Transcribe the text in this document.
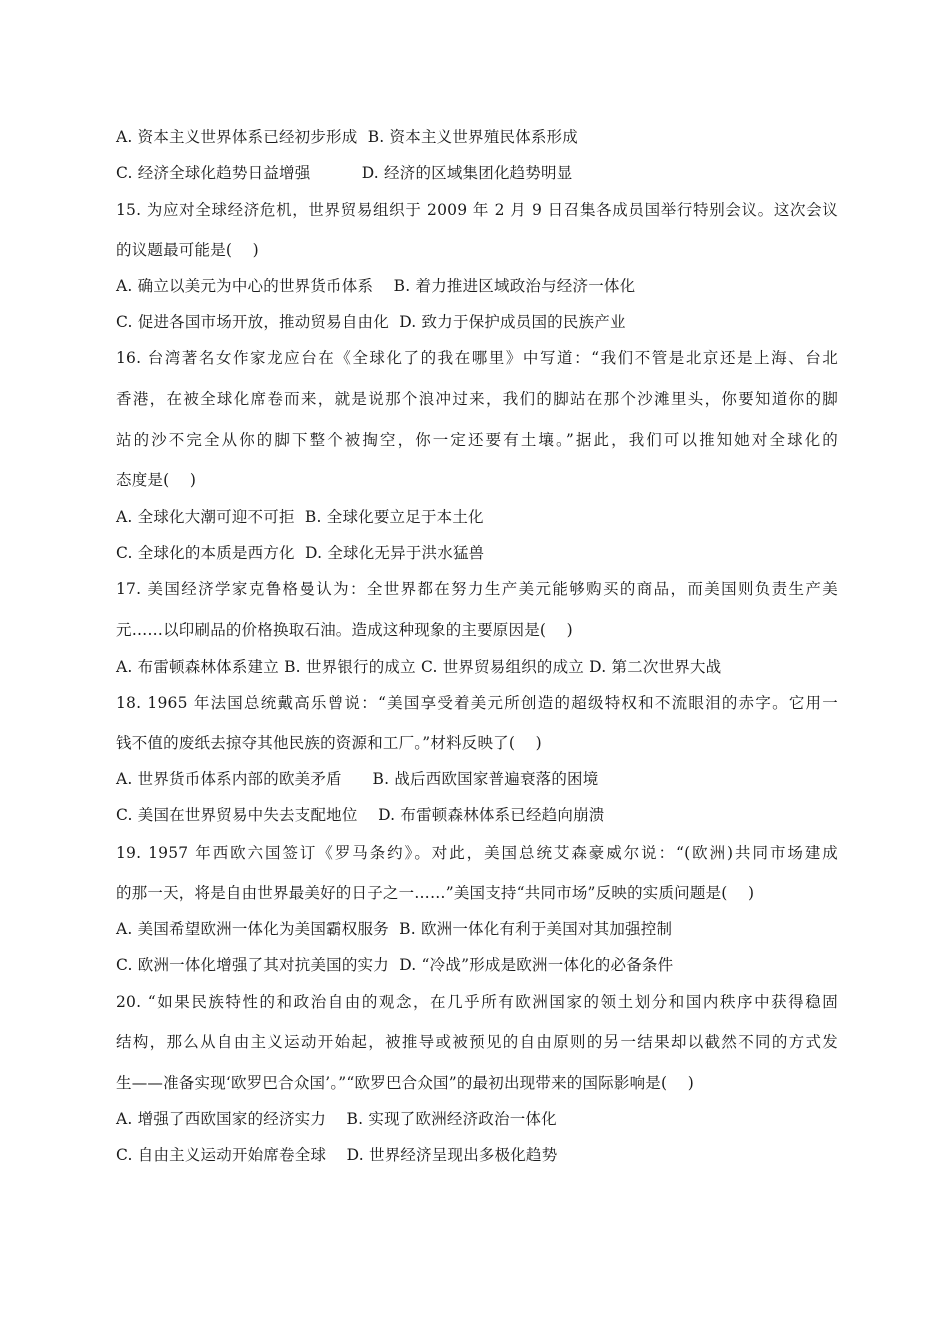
A. 资本主义世界体系已经初步形成  B. 资本主义世界殖民体系形成
C. 经济全球化趋势日益增强          D. 经济的区域集团化趋势明显
15. 为应对全球经济危机，世界贸易组织于 2009 年 2 月 9 日召集各成员国举行特别会议。这次会议
的议题最可能是(    )
A. 确立以美元为中心的世界货币体系    B. 着力推进区域政治与经济一体化
C. 促进各国市场开放，推动贸易自由化  D. 致力于保护成员国的民族产业
16. 台湾著名女作家龙应台在《全球化了的我在哪里》中写道：“我们不管是北京还是上海、台北
香港，在被全球化席卷而来，就是说那个浪冲过来，我们的脚站在那个沙滩里头，你要知道你的脚
站的沙不完全从你的脚下整个被掏空，你一定还要有土壤。”据此，我们可以推知她对全球化的
态度是(    )
A. 全球化大潮可迎不可拒  B. 全球化要立足于本土化
C. 全球化的本质是西方化  D. 全球化无异于洪水猛兽
17. 美国经济学家克鲁格曼认为：全世界都在努力生产美元能够购买的商品，而美国则负责生产美
元……以印刷品的价格换取石油。造成这种现象的主要原因是(    )
A. 布雷顿森林体系建立 B. 世界银行的成立 C. 世界贸易组织的成立 D. 第二次世界大战
18. 1965 年法国总统戴高乐曾说：“美国享受着美元所创造的超级特权和不流眼泪的赤字。它用一
钱不值的废纸去掠夺其他民族的资源和工厂。”材料反映了(    )
A. 世界货币体系内部的欧美矛盾      B. 战后西欧国家普遍衰落的困境
C. 美国在世界贸易中失去支配地位    D. 布雷顿森林体系已经趋向崩溃
19. 1957 年西欧六国签订《罗马条约》。对此，美国总统艾森豪威尔说：“(欧洲)共同市场建成
的那一天，将是自由世界最美好的日子之一……”美国支持“共同市场”反映的实质问题是(    )
A. 美国希望欧洲一体化为美国霸权服务  B. 欧洲一体化有利于美国对其加强控制
C. 欧洲一体化增强了其对抗美国的实力  D. “冷战”形成是欧洲一体化的必备条件
20. “如果民族特性的和政治自由的观念，在几乎所有欧洲国家的领土划分和国内秩序中获得稳固
结构，那么从自由主义运动开始起，被推导或被预见的自由原则的另一结果却以截然不同的方式发
生——准备实现‘欧罗巴合众国’。”“欧罗巴合众国”的最初出现带来的国际影响是(    )
A. 增强了西欧国家的经济实力    B. 实现了欧洲经济政治一体化
C. 自由主义运动开始席卷全球    D. 世界经济呈现出多极化趋势
